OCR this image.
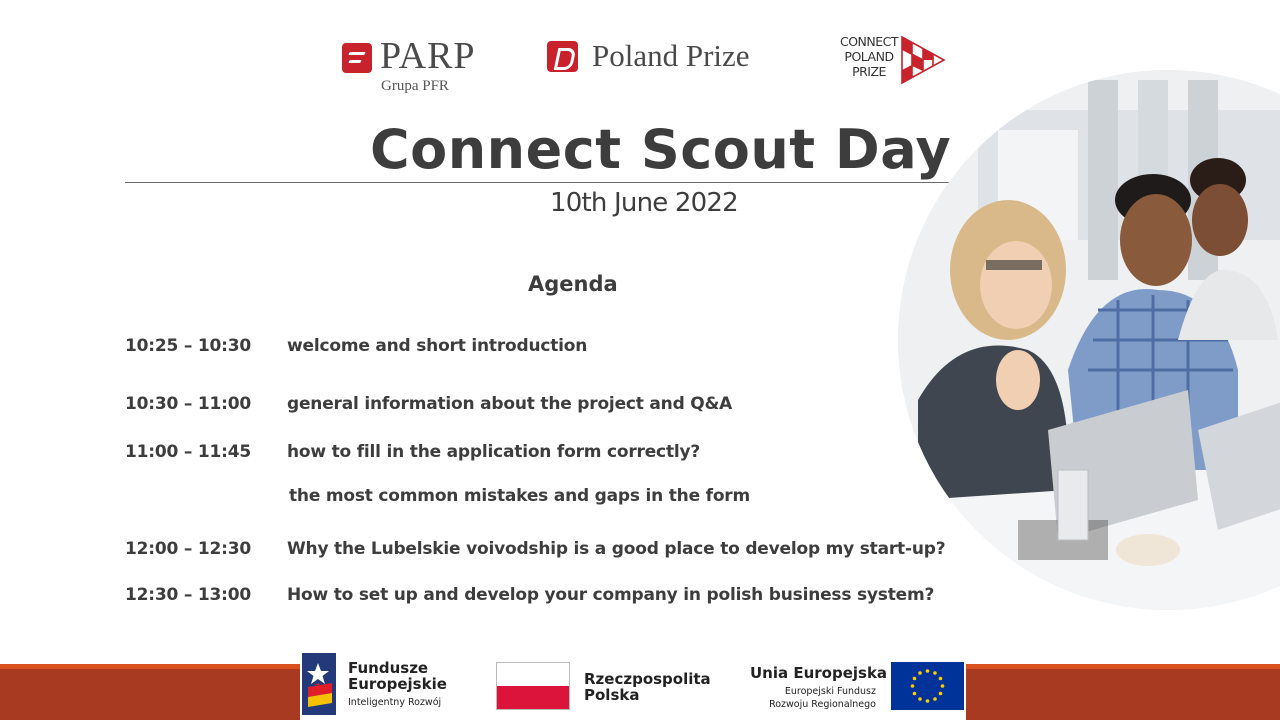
PARP
Grupa PFR
Poland Prize	CONNECT
POLAND
PRIZE
Connect Scout Day
10th June 2022
Agenda
10:25 – 10:30	welcome and short introduction
10:30 – 11:00	general information about the project and Q&A
11:00 – 11:45	how to fill in the application form correctly?
the most common mistakes and gaps in the form
12:00 – 12:30	Why the Lubelskie voivodship is a good place to develop my start-up?
12:30 – 13:00	How to set up and develop your company in polish business system?
Fundusze
Europejskie
Inteligentny Rozwój
Rzeczpospolita
Polska
Unia Europejska
Europejski Fundusz
Rozwoju Regionalnego
